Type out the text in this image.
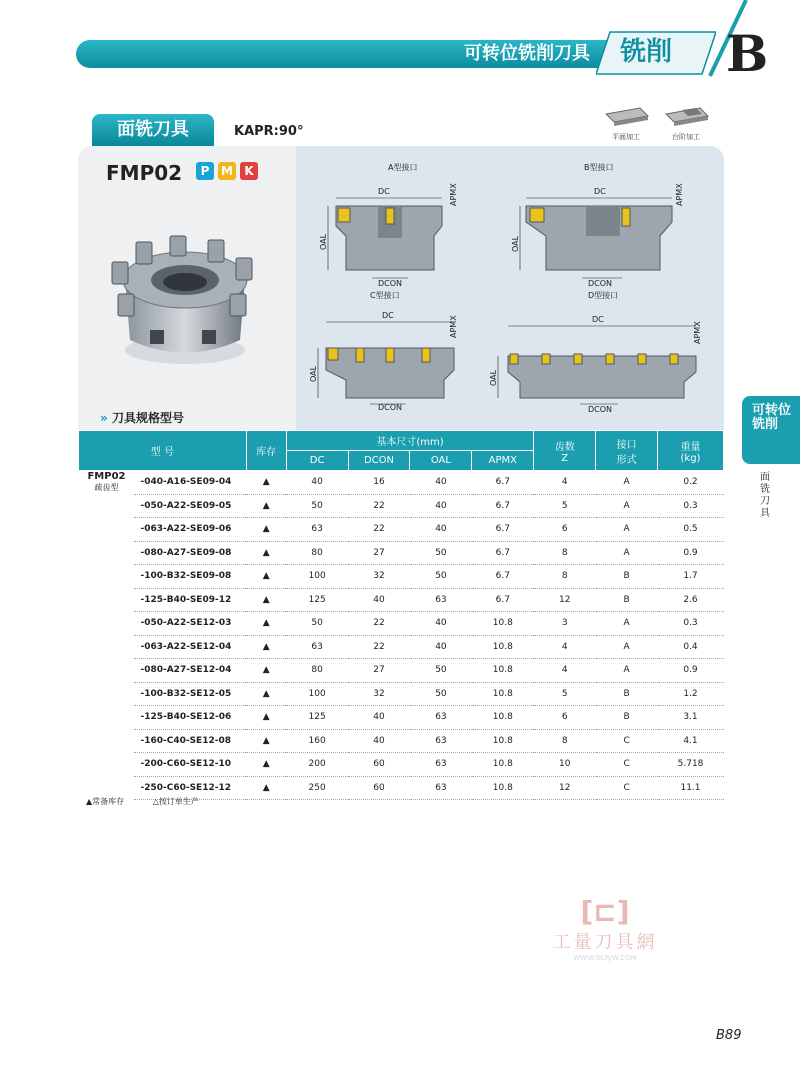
可转位铣削刀具 铣削	B
面铣刀具	KAPR:90°	平面加工	台阶加工
FMP02	P M K	A型接口
DC	APMX
OAL
DCON
B型接口
DC	APMX
OAL
DCON
C型接口
DC	APMX
OAL
DCON
D型接口
DC
APMX
OAL
DCON
» 刀具规格型号
型 号		库存	基本尺寸(mm)				齿数
Z	接口
形式	重量
(kg)
			DC	DCON	OAL	APMX			

FMP02
疏齿型	-040-A16-SE09-04	▲	40	16	40	6.7	4	A	0.2
	-050-A22-SE09-05	▲	50	22	40	6.7	5	A	0.3
	-063-A22-SE09-06	▲	63	22	40	6.7	6	A	0.5
	-080-A27-SE09-08	▲	80	27	50	6.7	8	A	0.9
	-100-B32-SE09-08	▲	100	32	50	6.7	8	B	1.7
	-125-B40-SE09-12	▲	125	40	63	6.7	12	B	2.6
	-050-A22-SE12-03	▲	50	22	40	10.8	3	A	0.3
	-063-A22-SE12-04	▲	63	22	40	10.8	4	A	0.4
	-080-A27-SE12-04	▲	80	27	50	10.8	4	A	0.9
	-100-B32-SE12-05	▲	100	32	50	10.8	5	B	1.2
	-125-B40-SE12-06	▲	125	40	63	10.8	6	B	3.1
	-160-C40-SE12-08	▲	160	40	63	10.8	8	C	4.1
	-200-C60-SE12-10	▲	200	60	63	10.8	10	C	5.718
	-250-C60-SE12-12	▲	250	60	63	10.8	12	C	11.1
▲常备库存	△按订单生产
可转位铣削
面铣刀具
[⊏]
工量刀具網
WWW.GLRJW.COM
B89
